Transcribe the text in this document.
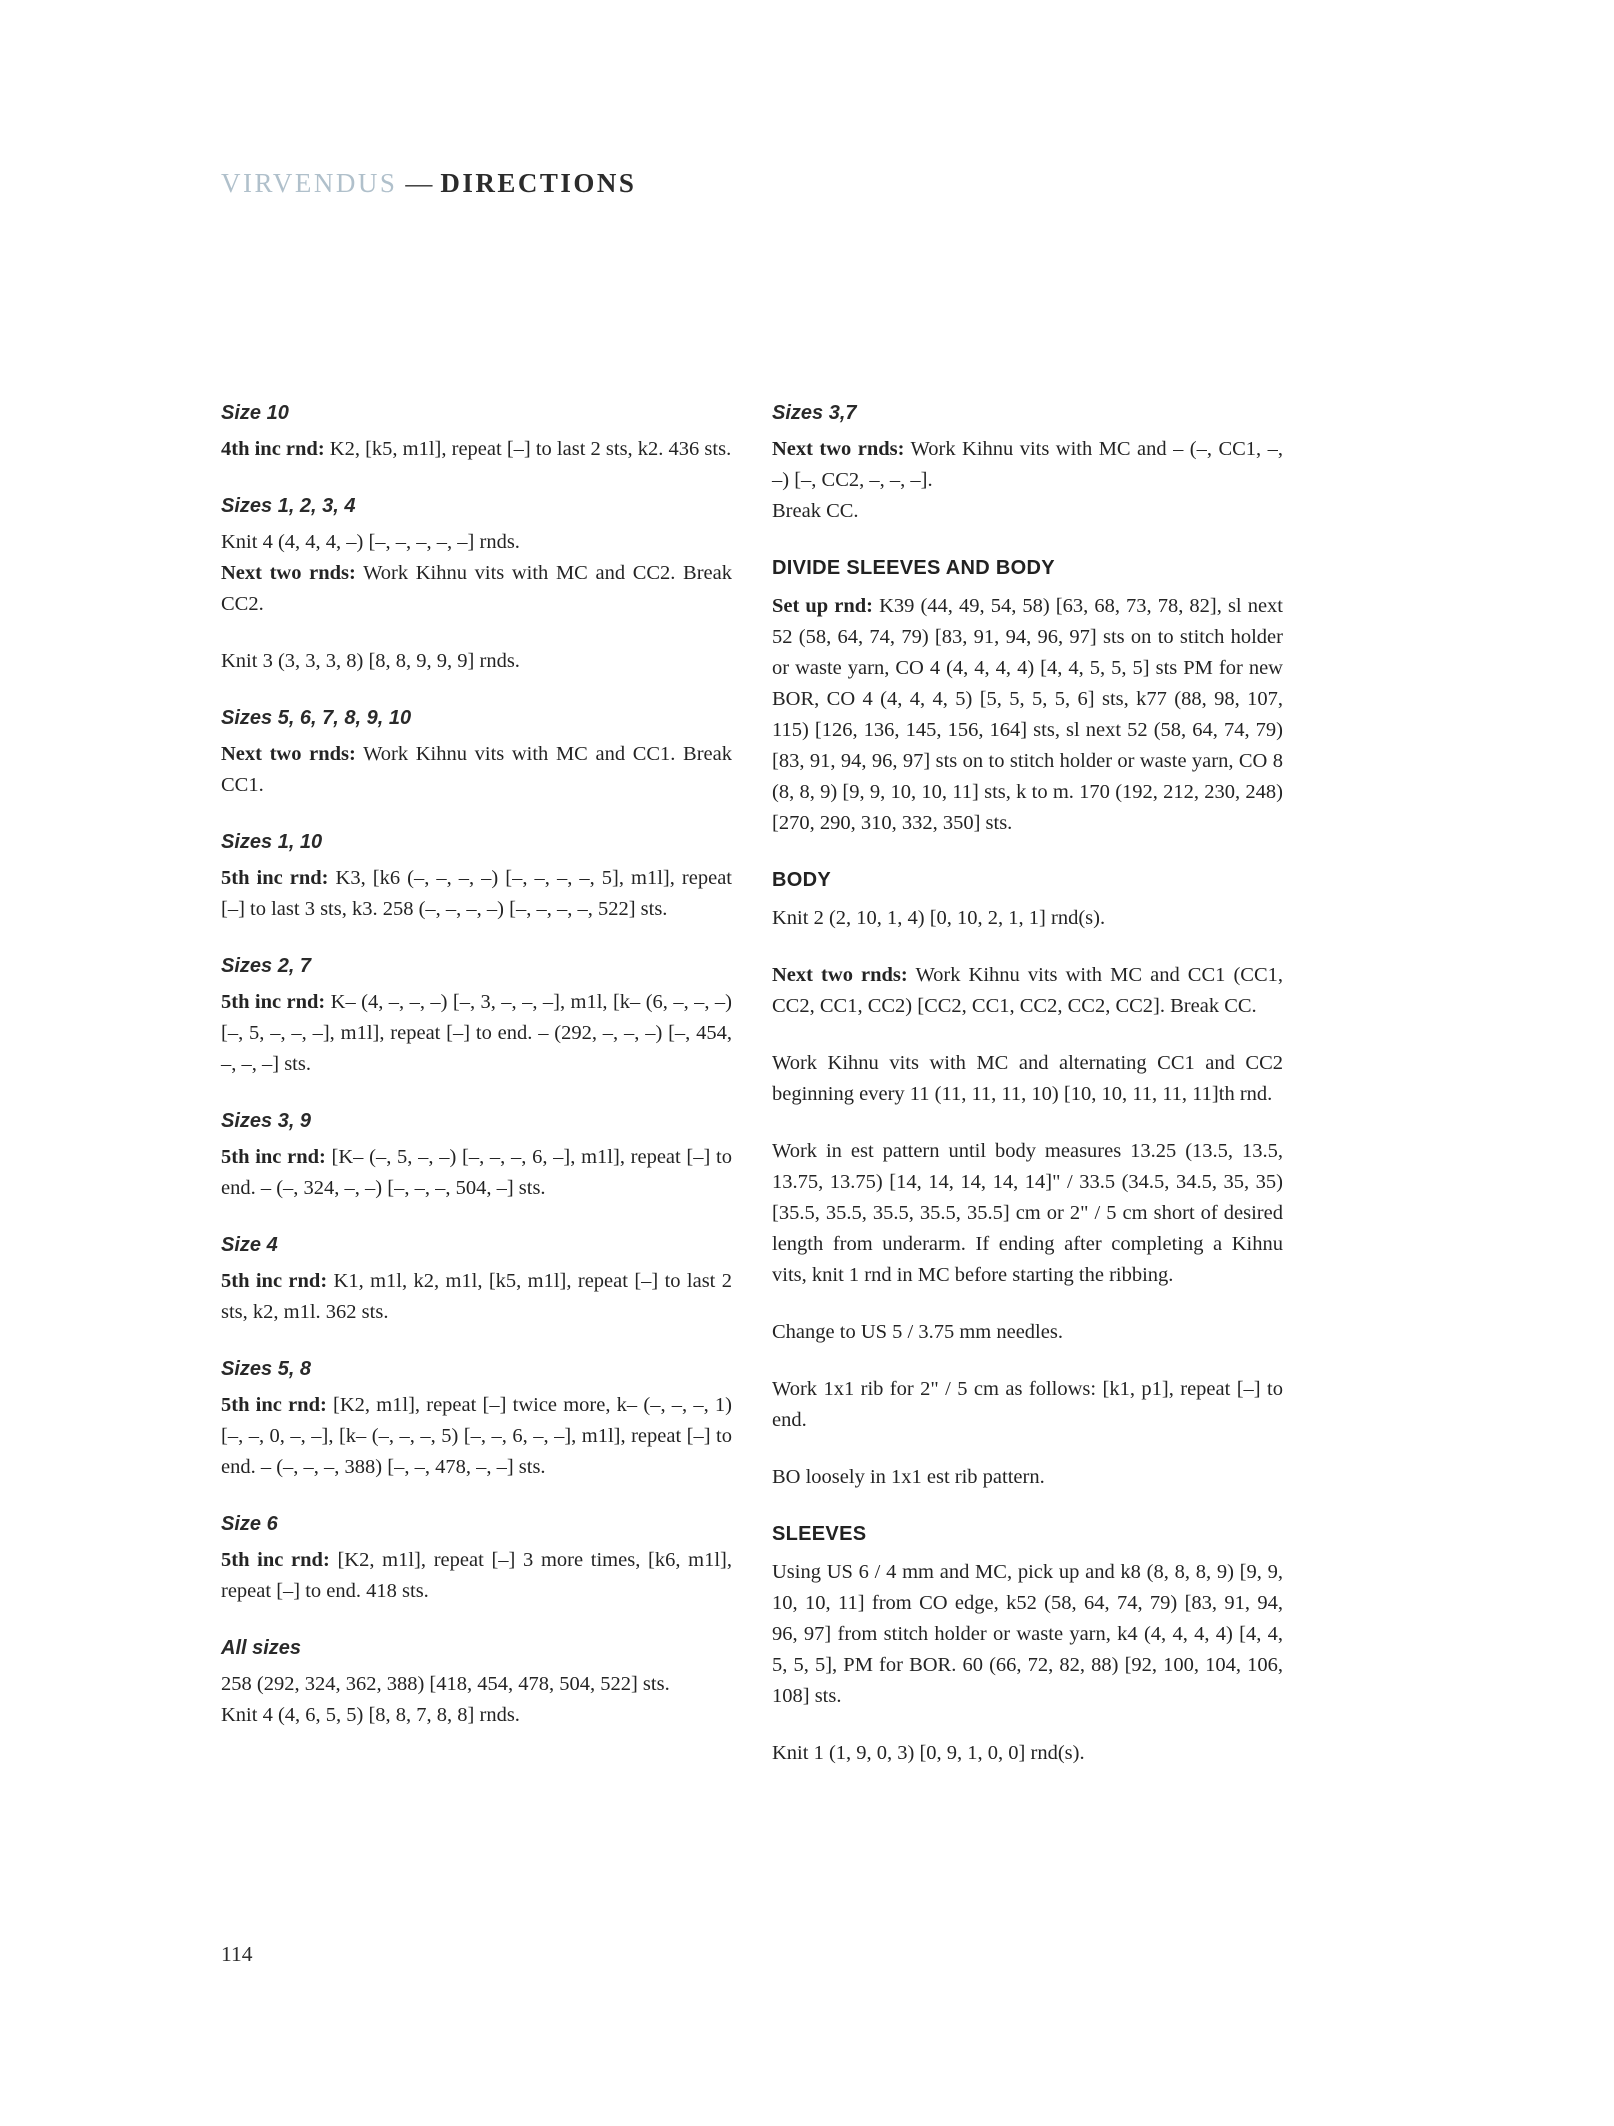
VIRVENDUS — DIRECTIONS
Size 10

4th inc rnd: K2, [k5, m1l], repeat [–] to last 2 sts, k2. 436 sts.

Sizes 1, 2, 3, 4

Knit 4 (4, 4, 4, –) [–, –, –, –, –] rnds.

Next two rnds: Work Kihnu vits with MC and CC2. Break CC2.

Knit 3 (3, 3, 3, 8) [8, 8, 9, 9, 9] rnds.

Sizes 5, 6, 7, 8, 9, 10

Next two rnds: Work Kihnu vits with MC and CC1. Break CC1.

Sizes 1, 10

5th inc rnd: K3, [k6 (–, –, –, –) [–, –, –, –, 5], m1l], repeat [–] to last 3 sts, k3. 258 (–, –, –, –) [–, –, –, –, 522] sts.

Sizes 2, 7

5th inc rnd: K– (4, –, –, –) [–, 3, –, –, –], m1l, [k– (6, –, –, –) [–, 5, –, –, –], m1l], repeat [–] to end. – (292, –, –, –) [–, 454, –, –, –] sts.

Sizes 3, 9

5th inc rnd: [K– (–, 5, –, –) [–, –, –, 6, –], m1l], repeat [–] to end. – (–, 324, –, –) [–, –, –, 504, –] sts.

Size 4

5th inc rnd: K1, m1l, k2, m1l, [k5, m1l], repeat [–] to last 2 sts, k2, m1l. 362 sts.

Sizes 5, 8

5th inc rnd: [K2, m1l], repeat [–] twice more, k– (–, –, –, 1) [–, –, 0, –, –], [k– (–, –, –, 5) [–, –, 6, –, –], m1l], repeat [–] to end. – (–, –, –, 388) [–, –, 478, –, –] sts.

Size 6

5th inc rnd: [K2, m1l], repeat [–] 3 more times, [k6, m1l], repeat [–] to end. 418 sts.

All sizes

258 (292, 324, 362, 388) [418, 454, 478, 504, 522] sts.

Knit 4 (4, 6, 5, 5) [8, 8, 7, 8, 8] rnds.

Sizes 3,7

Next two rnds: Work Kihnu vits with MC and – (–, CC1, –, –) [–, CC2, –, –, –].

Break CC.

DIVIDE SLEEVES AND BODY

Set up rnd: K39 (44, 49, 54, 58) [63, 68, 73, 78, 82], sl next 52 (58, 64, 74, 79) [83, 91, 94, 96, 97] sts on to stitch holder or waste yarn, CO 4 (4, 4, 4, 4) [4, 4, 5, 5, 5] sts PM for new BOR, CO 4 (4, 4, 4, 5) [5, 5, 5, 5, 6] sts, k77 (88, 98, 107, 115) [126, 136, 145, 156, 164] sts, sl next 52 (58, 64, 74, 79) [83, 91, 94, 96, 97] sts on to stitch holder or waste yarn, CO 8 (8, 8, 9) [9, 9, 10, 10, 11] sts, k to m. 170 (192, 212, 230, 248) [270, 290, 310, 332, 350] sts.

BODY

Knit 2 (2, 10, 1, 4) [0, 10, 2, 1, 1] rnd(s).

Next two rnds: Work Kihnu vits with MC and CC1 (CC1, CC2, CC1, CC2) [CC2, CC1, CC2, CC2, CC2]. Break CC.

Work Kihnu vits with MC and alternating CC1 and CC2 beginning every 11 (11, 11, 11, 10) [10, 10, 11, 11, 11]th rnd.

Work in est pattern until body measures 13.25 (13.5, 13.5, 13.75, 13.75) [14, 14, 14, 14, 14]" / 33.5 (34.5, 34.5, 35, 35) [35.5, 35.5, 35.5, 35.5, 35.5] cm or 2" / 5 cm short of desired length from underarm. If ending after completing a Kihnu vits, knit 1 rnd in MC before starting the ribbing.

Change to US 5 / 3.75 mm needles.

Work 1x1 rib for 2" / 5 cm as follows: [k1, p1], repeat [–] to end.

BO loosely in 1x1 est rib pattern.

SLEEVES

Using US 6 / 4 mm and MC, pick up and k8 (8, 8, 8, 9) [9, 9, 10, 10, 11] from CO edge, k52 (58, 64, 74, 79) [83, 91, 94, 96, 97] from stitch holder or waste yarn, k4 (4, 4, 4, 4) [4, 4, 5, 5, 5], PM for BOR. 60 (66, 72, 82, 88) [92, 100, 104, 106, 108] sts.

Knit 1 (1, 9, 0, 3) [0, 9, 1, 0, 0] rnd(s).

114
